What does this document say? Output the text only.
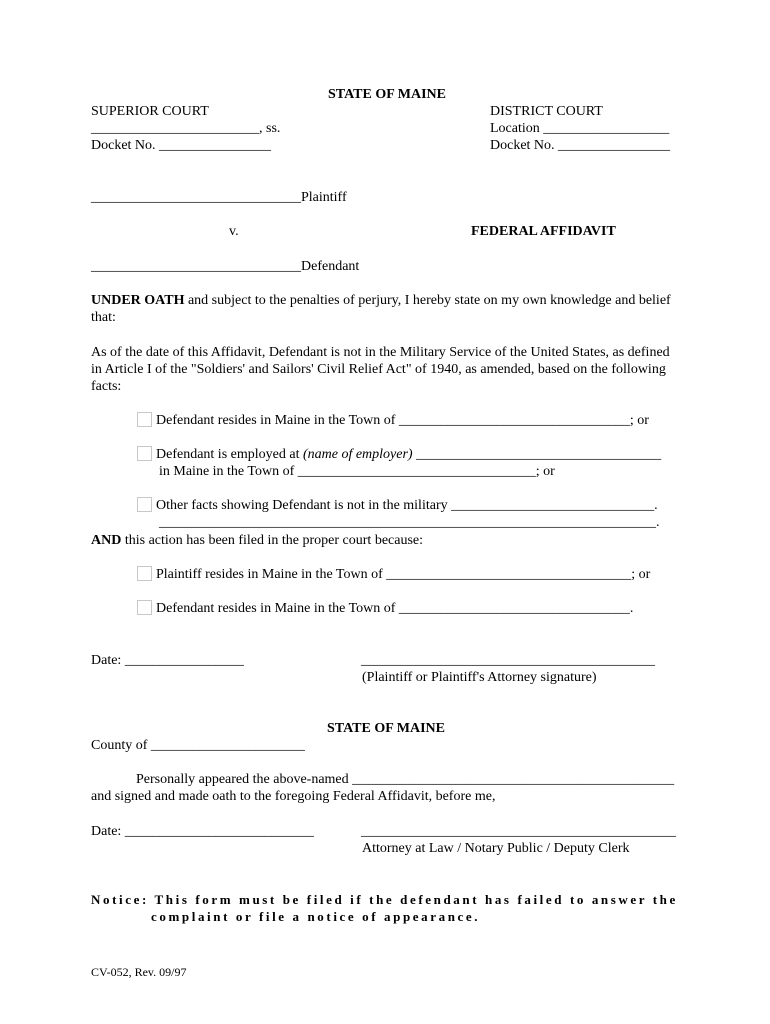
STATE OF MAINE
SUPERIOR COURT
________________________, ss.
Docket No. ________________
DISTRICT COURT
Location __________________
Docket No. ________________
______________________________Plaintiff
v.	FEDERAL AFFIDAVIT
______________________________Defendant
UNDER OATH and subject to the penalties of perjury, I hereby state on my own knowledge and belief
that:
As of the date of this Affidavit, Defendant is not in the Military Service of the United States, as defined
in Article I of the "Soldiers' and Sailors' Civil Relief Act" of 1940, as amended, based on the following
facts:
Defendant resides in Maine in the Town of _________________________________; or
Defendant is employed at (name of employer) ___________________________________
in Maine in the Town of __________________________________; or
Other facts showing Defendant is not in the military _____________________________.
_______________________________________________________________________.
AND this action has been filed in the proper court because:
Plaintiff resides in Maine in the Town of ___________________________________; or
Defendant resides in Maine in the Town of _________________________________.
Date: _________________	__________________________________________
(Plaintiff or Plaintiff's Attorney signature)
STATE OF MAINE
County of ______________________
Personally appeared the above-named ______________________________________________
and signed and made oath to the foregoing Federal Affidavit, before me,
Date: ___________________________	_____________________________________________
Attorney at Law / Notary Public / Deputy Clerk
Notice: This form must be filed if the defendant has failed to answer the
complaint or file a notice of appearance.
CV-052, Rev. 09/97
